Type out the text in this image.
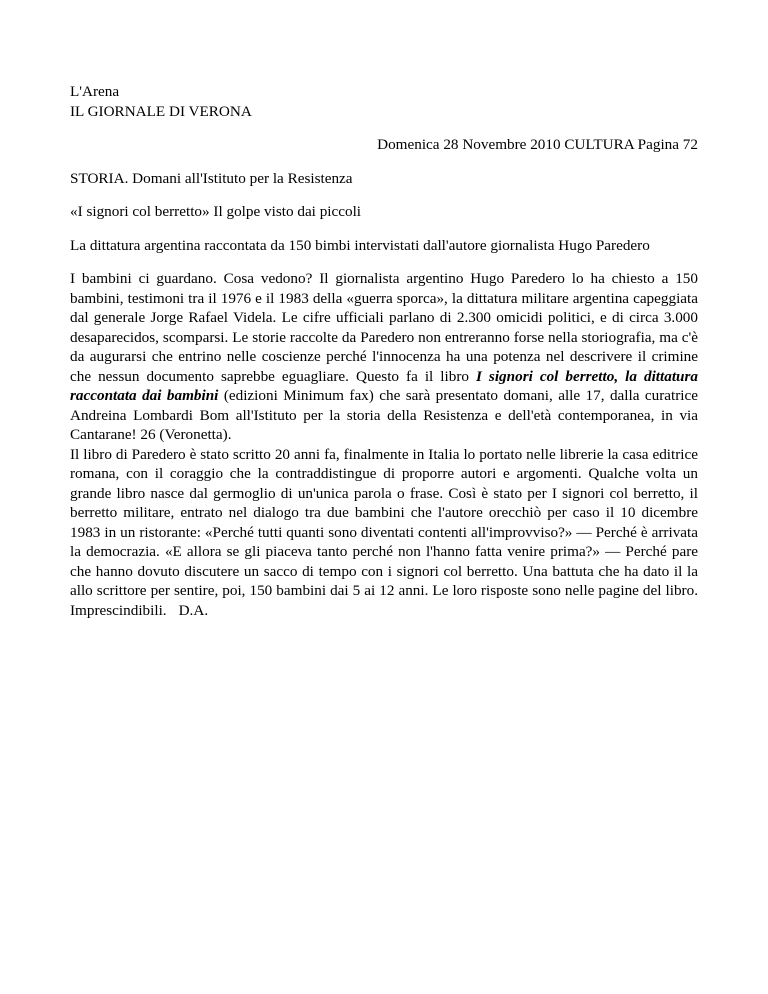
L'Arena

IL GIORNALE DI VERONA

Domenica 28 Novembre 2010 CULTURA Pagina 72

STORIA. Domani all'Istituto per la Resistenza

«I signori col berretto» Il golpe visto dai piccoli

La dittatura argentina raccontata da 150 bimbi intervistati dall'autore giornalista Hugo Paredero

I bambini ci guardano. Cosa vedono? Il giornalista argentino Hugo Paredero lo ha chiesto a 150 bambini, testimoni tra il 1976 e il 1983 della «guerra sporca», la dittatura militare argentina capeggiata dal generale Jorge Rafael Videla. Le cifre ufficiali parlano di 2.300 omicidi politici, e di circa 3.000 desaparecidos, scomparsi. Le storie raccolte da Paredero non entreranno forse nella storiografia, ma c'è da augurarsi che entrino nelle coscienze perché l'innocenza ha una potenza nel descrivere il crimine che nessun documento saprebbe eguagliare. Questo fa il libro I signori col berretto, la dittatura raccontata dai bambini (edizioni Minimum fax) che sarà presentato domani, alle 17, dalla curatrice Andreina Lombardi Bom all'Istituto per la storia della Resistenza e dell'età contemporanea, in via Cantarane! 26 (Veronetta).

Il libro di Paredero è stato scritto 20 anni fa, finalmente in Italia lo portato nelle librerie la casa editrice romana, con il coraggio che la contraddistingue di proporre autori e argomenti. Qualche volta un grande libro nasce dal germoglio di un'unica parola o frase. Così è stato per I signori col berretto, il berretto militare, entrato nel dialogo tra due bambini che l'autore orecchiò per caso il 10 dicembre 1983 in un ristorante: «Perché tutti quanti sono diventati contenti all'improvviso?» — Perché è arrivata la democrazia. «E allora se gli piaceva tanto perché non l'hanno fatta venire prima?» — Perché pare che hanno dovuto discutere un sacco di tempo con i signori col berretto. Una battuta che ha dato il la allo scrittore per sentire, poi, 150 bambini dai 5 ai 12 anni. Le loro risposte sono nelle pagine del libro. Imprescindibili. D.A.
